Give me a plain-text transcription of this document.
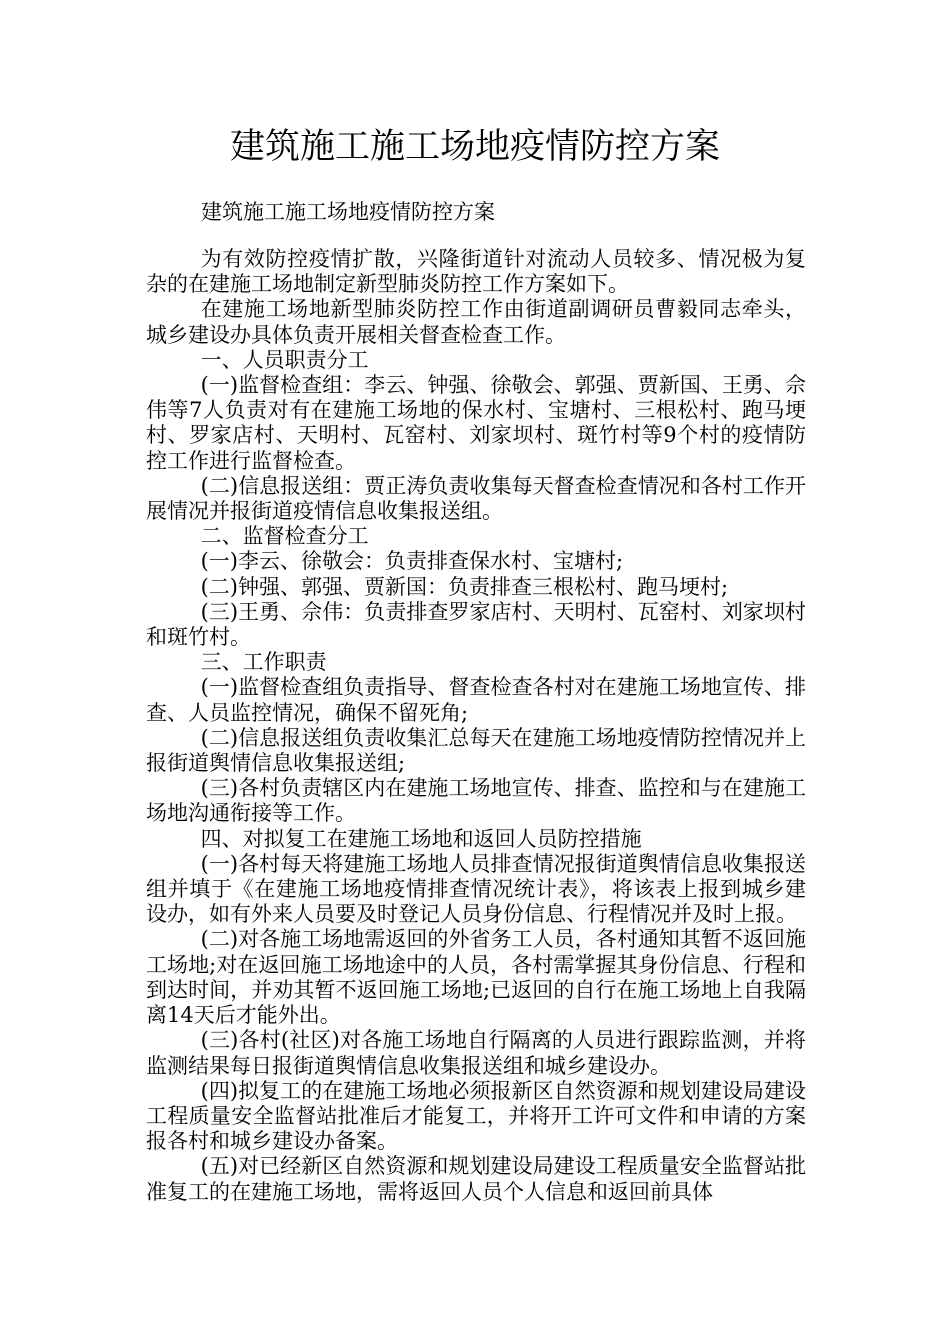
建筑施工施工场地疫情防控方案
建筑施工施工场地疫情防控方案

为有效防控疫情扩散，兴隆街道针对流动人员较多、情况极为复杂的在建施工场地制定新型肺炎防控工作方案如下。

在建施工场地新型肺炎防控工作由街道副调研员曹毅同志牵头，城乡建设办具体负责开展相关督查检查工作。

一、人员职责分工

(一)监督检查组：李云、钟强、徐敬会、郭强、贾新国、王勇、佘伟等7人负责对有在建施工场地的保水村、宝塘村、三根松村、跑马埂村、罗家店村、天明村、瓦窑村、刘家坝村、斑竹村等9个村的疫情防控工作进行监督检查。

(二)信息报送组：贾正涛负责收集每天督查检查情况和各村工作开展情况并报街道疫情信息收集报送组。

二、监督检查分工

(一)李云、徐敬会：负责排查保水村、宝塘村;

(二)钟强、郭强、贾新国：负责排查三根松村、跑马埂村;

(三)王勇、佘伟：负责排查罗家店村、天明村、瓦窑村、刘家坝村和斑竹村。

三、工作职责

(一)监督检查组负责指导、督查检查各村对在建施工场地宣传、排查、人员监控情况，确保不留死角;

(二)信息报送组负责收集汇总每天在建施工场地疫情防控情况并上报街道舆情信息收集报送组;

(三)各村负责辖区内在建施工场地宣传、排查、监控和与在建施工场地沟通衔接等工作。

四、对拟复工在建施工场地和返回人员防控措施

(一)各村每天将建施工场地人员排查情况报街道舆情信息收集报送组并填于《在建施工场地疫情排查情况统计表》，将该表上报到城乡建设办，如有外来人员要及时登记人员身份信息、行程情况并及时上报。

(二)对各施工场地需返回的外省务工人员，各村通知其暂不返回施工场地;对在返回施工场地途中的人员，各村需掌握其身份信息、行程和到达时间，并劝其暂不返回施工场地;已返回的自行在施工场地上自我隔离14天后才能外出。

(三)各村(社区)对各施工场地自行隔离的人员进行跟踪监测，并将监测结果每日报街道舆情信息收集报送组和城乡建设办。

(四)拟复工的在建施工场地必须报新区自然资源和规划建设局建设工程质量安全监督站批准后才能复工，并将开工许可文件和申请的方案报各村和城乡建设办备案。

(五)对已经新区自然资源和规划建设局建设工程质量安全监督站批准复工的在建施工场地，需将返回人员个人信息和返回前具体
